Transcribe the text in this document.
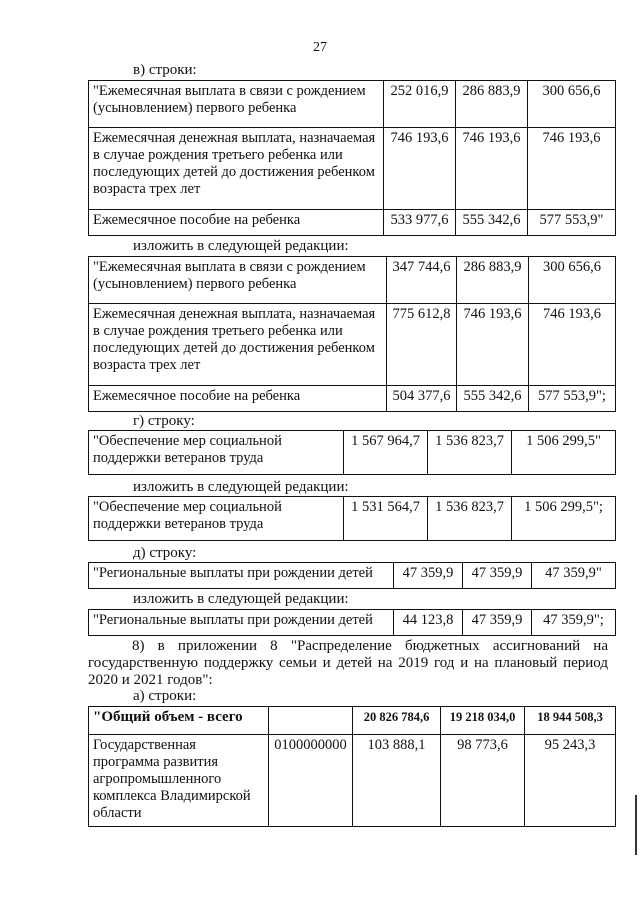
27
в) строки:
"Ежемесячная выплата в связи с рождением (усыновлением) первого ребенка	252 016,9	286 883,9	300 656,6
Ежемесячная денежная выплата, назначаемая в случае рождения третьего ребенка или последующих детей до достижения ребенком возраста трех лет	746 193,6	746 193,6	746 193,6
Ежемесячное пособие на ребенка	533 977,6	555 342,6	577 553,9"
изложить в следующей редакции:
"Ежемесячная выплата в связи с рождением (усыновлением) первого ребенка	347 744,6	286 883,9	300 656,6
Ежемесячная денежная выплата, назначаемая в случае рождения третьего ребенка или последующих детей до достижения ребенком возраста трех лет	775 612,8	746 193,6	746 193,6
Ежемесячное пособие на ребенка	504 377,6	555 342,6	577 553,9";
г) строку:
"Обеспечение мер социальной поддержки ветеранов труда	1 567 964,7	1 536 823,7	1 506 299,5"
изложить в следующей редакции:
"Обеспечение мер социальной поддержки ветеранов труда	1 531 564,7	1 536 823,7	1 506 299,5";
д) строку:
"Региональные выплаты при рождении детей	47 359,9	47 359,9	47 359,9"
изложить в следующей редакции:
"Региональные выплаты при рождении детей	44 123,8	47 359,9	47 359,9";
8) в приложении 8 "Распределение бюджетных ассигнований на государственную поддержку семьи и детей на 2019 год и на плановый период 2020 и 2021 годов":
а) строки:
"Общий объем - всего		20 826 784,6	19 218 034,0	18 944 508,3
Государственная программа развития агропромышленного комплекса Владимирской области	0100000000	103 888,1	98 773,6	95 243,3
